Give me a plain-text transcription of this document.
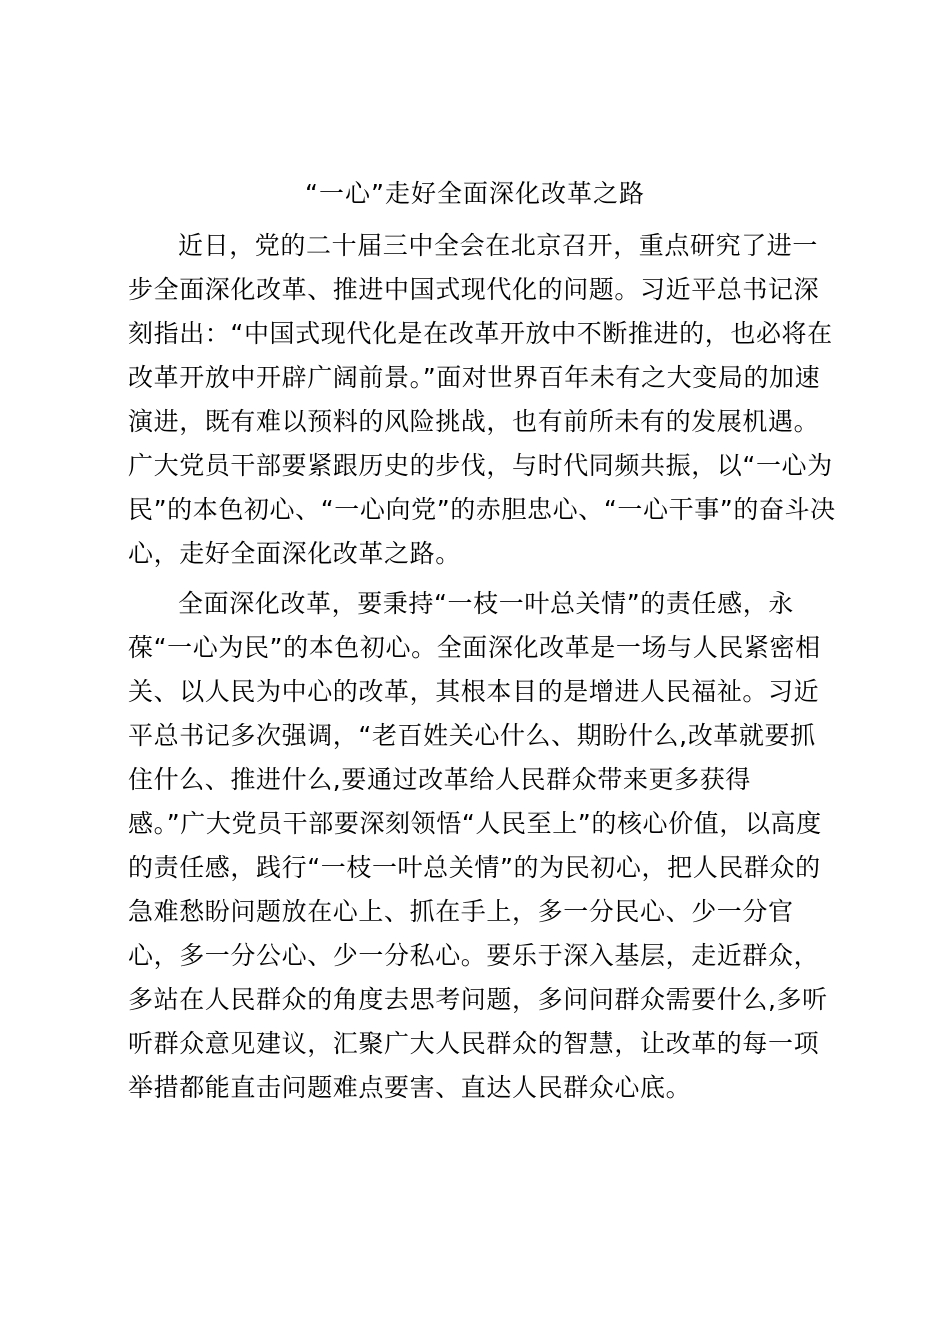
“一心”走好全面深化改革之路
近日，党的二十届三中全会在北京召开，重点研究了进一
步全面深化改革、推进中国式现代化的问题。习近平总书记深
刻指出：“中国式现代化是在改革开放中不断推进的，也必将在
改革开放中开辟广阔前景。”面对世界百年未有之大变局的加速
演进，既有难以预料的风险挑战，也有前所未有的发展机遇。
广大党员干部要紧跟历史的步伐，与时代同频共振，以“一心为
民”的本色初心、“一心向党”的赤胆忠心、“一心干事”的奋斗决
心，走好全面深化改革之路。
全面深化改革，要秉持“一枝一叶总关情”的责任感，永
葆“一心为民”的本色初心。全面深化改革是一场与人民紧密相
关、以人民为中心的改革，其根本目的是增进人民福祉。习近
平总书记多次强调，“老百姓关心什么、期盼什么,改革就要抓
住什么、推进什么,要通过改革给人民群众带来更多获得
感。”广大党员干部要深刻领悟“人民至上”的核心价值，以高度
的责任感，践行“一枝一叶总关情”的为民初心，把人民群众的
急难愁盼问题放在心上、抓在手上，多一分民心、少一分官
心，多一分公心、少一分私心。要乐于深入基层，走近群众，
多站在人民群众的角度去思考问题，多问问群众需要什么,多听
听群众意见建议，汇聚广大人民群众的智慧，让改革的每一项
举措都能直击问题难点要害、直达人民群众心底。
